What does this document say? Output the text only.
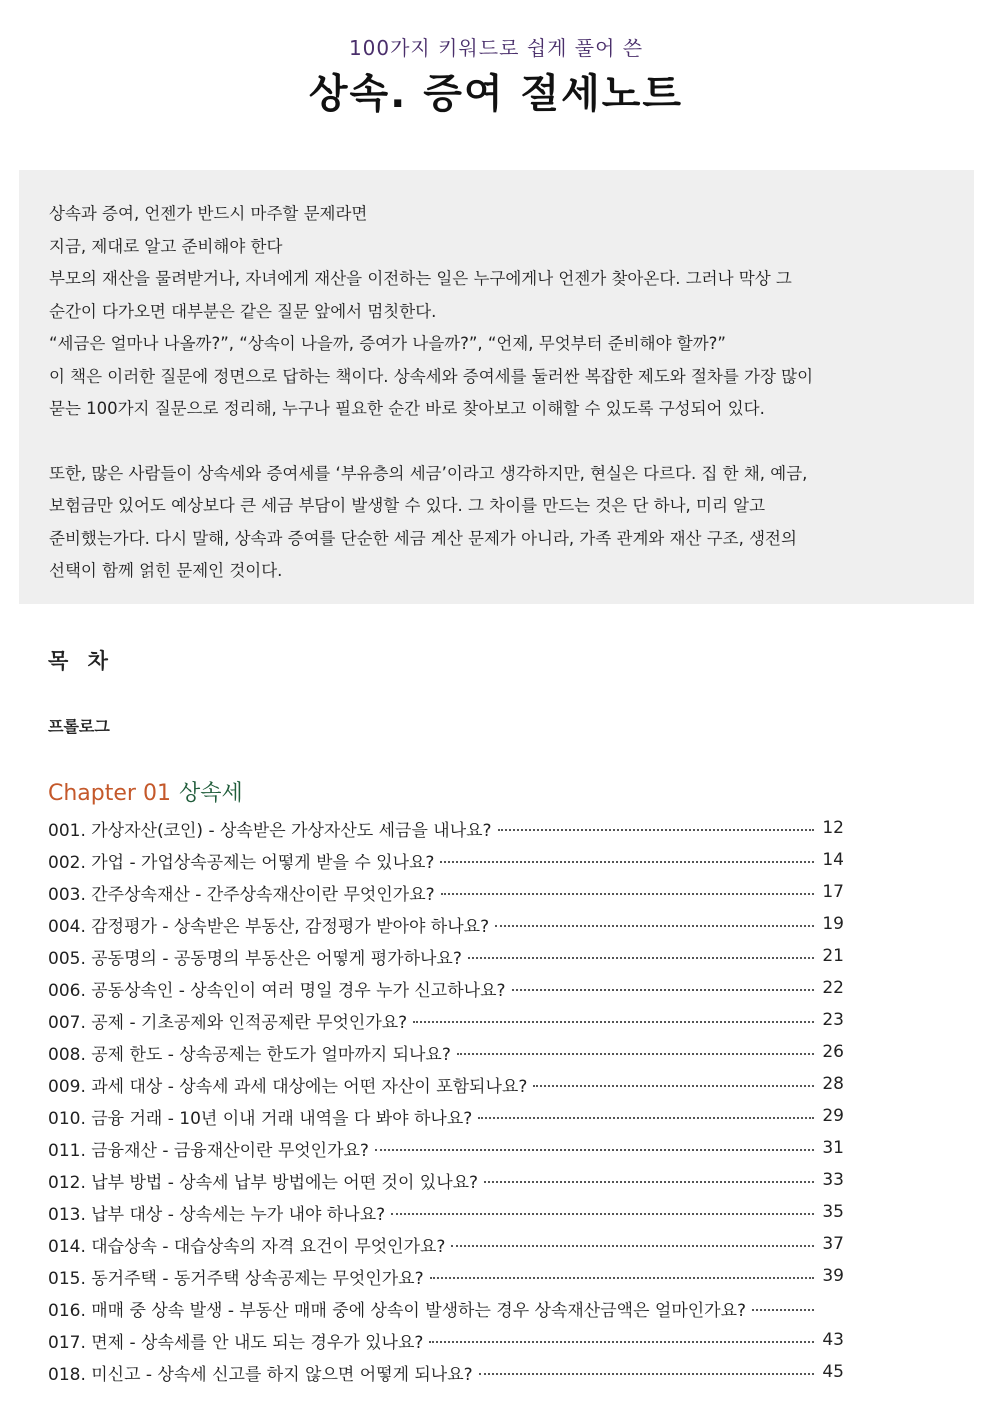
100가지 키워드로 쉽게 풀어 쓴
상속. 증여 절세노트

상속과 증여, 언젠가 반드시 마주할 문제라면

지금, 제대로 알고 준비해야 한다

부모의 재산을 물려받거나, 자녀에게 재산을 이전하는 일은 누구에게나 언젠가 찾아온다. 그러나 막상 그

순간이 다가오면 대부분은 같은 질문 앞에서 멈칫한다.

“세금은 얼마나 나올까?”, “상속이 나을까, 증여가 나을까?”, “언제, 무엇부터 준비해야 할까?”

이 책은 이러한 질문에 정면으로 답하는 책이다. 상속세와 증여세를 둘러싼 복잡한 제도와 절차를 가장 많이

묻는 100가지 질문으로 정리해, 누구나 필요한 순간 바로 찾아보고 이해할 수 있도록 구성되어 있다.

또한, 많은 사람들이 상속세와 증여세를 ‘부유층의 세금’이라고 생각하지만, 현실은 다르다. 집 한 채, 예금,

보험금만 있어도 예상보다 큰 세금 부담이 발생할 수 있다. 그 차이를 만드는 것은 단 하나, 미리 알고

준비했는가다. 다시 말해, 상속과 증여를 단순한 세금 계산 문제가 아니라, 가족 관계와 재산 구조, 생전의

선택이 함께 얽힌 문제인 것이다.

목 차
프롤로그
Chapter 01 상속세
001. 가상자산(코인) - 상속받은 가상자산도 세금을 내나요?	12
002. 가업 - 가업상속공제는 어떻게 받을 수 있나요?	14
003. 간주상속재산 - 간주상속재산이란 무엇인가요?	17
004. 감정평가 - 상속받은 부동산, 감정평가 받아야 하나요?	19
005. 공동명의 - 공동명의 부동산은 어떻게 평가하나요?	21
006. 공동상속인 - 상속인이 여러 명일 경우 누가 신고하나요?	22
007. 공제 - 기초공제와 인적공제란 무엇인가요?	23
008. 공제 한도 - 상속공제는 한도가 얼마까지 되나요?	26
009. 과세 대상 - 상속세 과세 대상에는 어떤 자산이 포함되나요?	28
010. 금융 거래 - 10년 이내 거래 내역을 다 봐야 하나요?	29
011. 금융재산 - 금융재산이란 무엇인가요?	31
012. 납부 방법 - 상속세 납부 방법에는 어떤 것이 있나요?	33
013. 납부 대상 - 상속세는 누가 내야 하나요?	35
014. 대습상속 - 대습상속의 자격 요건이 무엇인가요?	37
015. 동거주택 - 동거주택 상속공제는 무엇인가요?	39
016. 매매 중 상속 발생 - 부동산 매매 중에 상속이 발생하는 경우 상속재산금액은 얼마인가요?
017. 면제 - 상속세를 안 내도 되는 경우가 있나요?	43
018. 미신고 - 상속세 신고를 하지 않으면 어떻게 되나요?	45
